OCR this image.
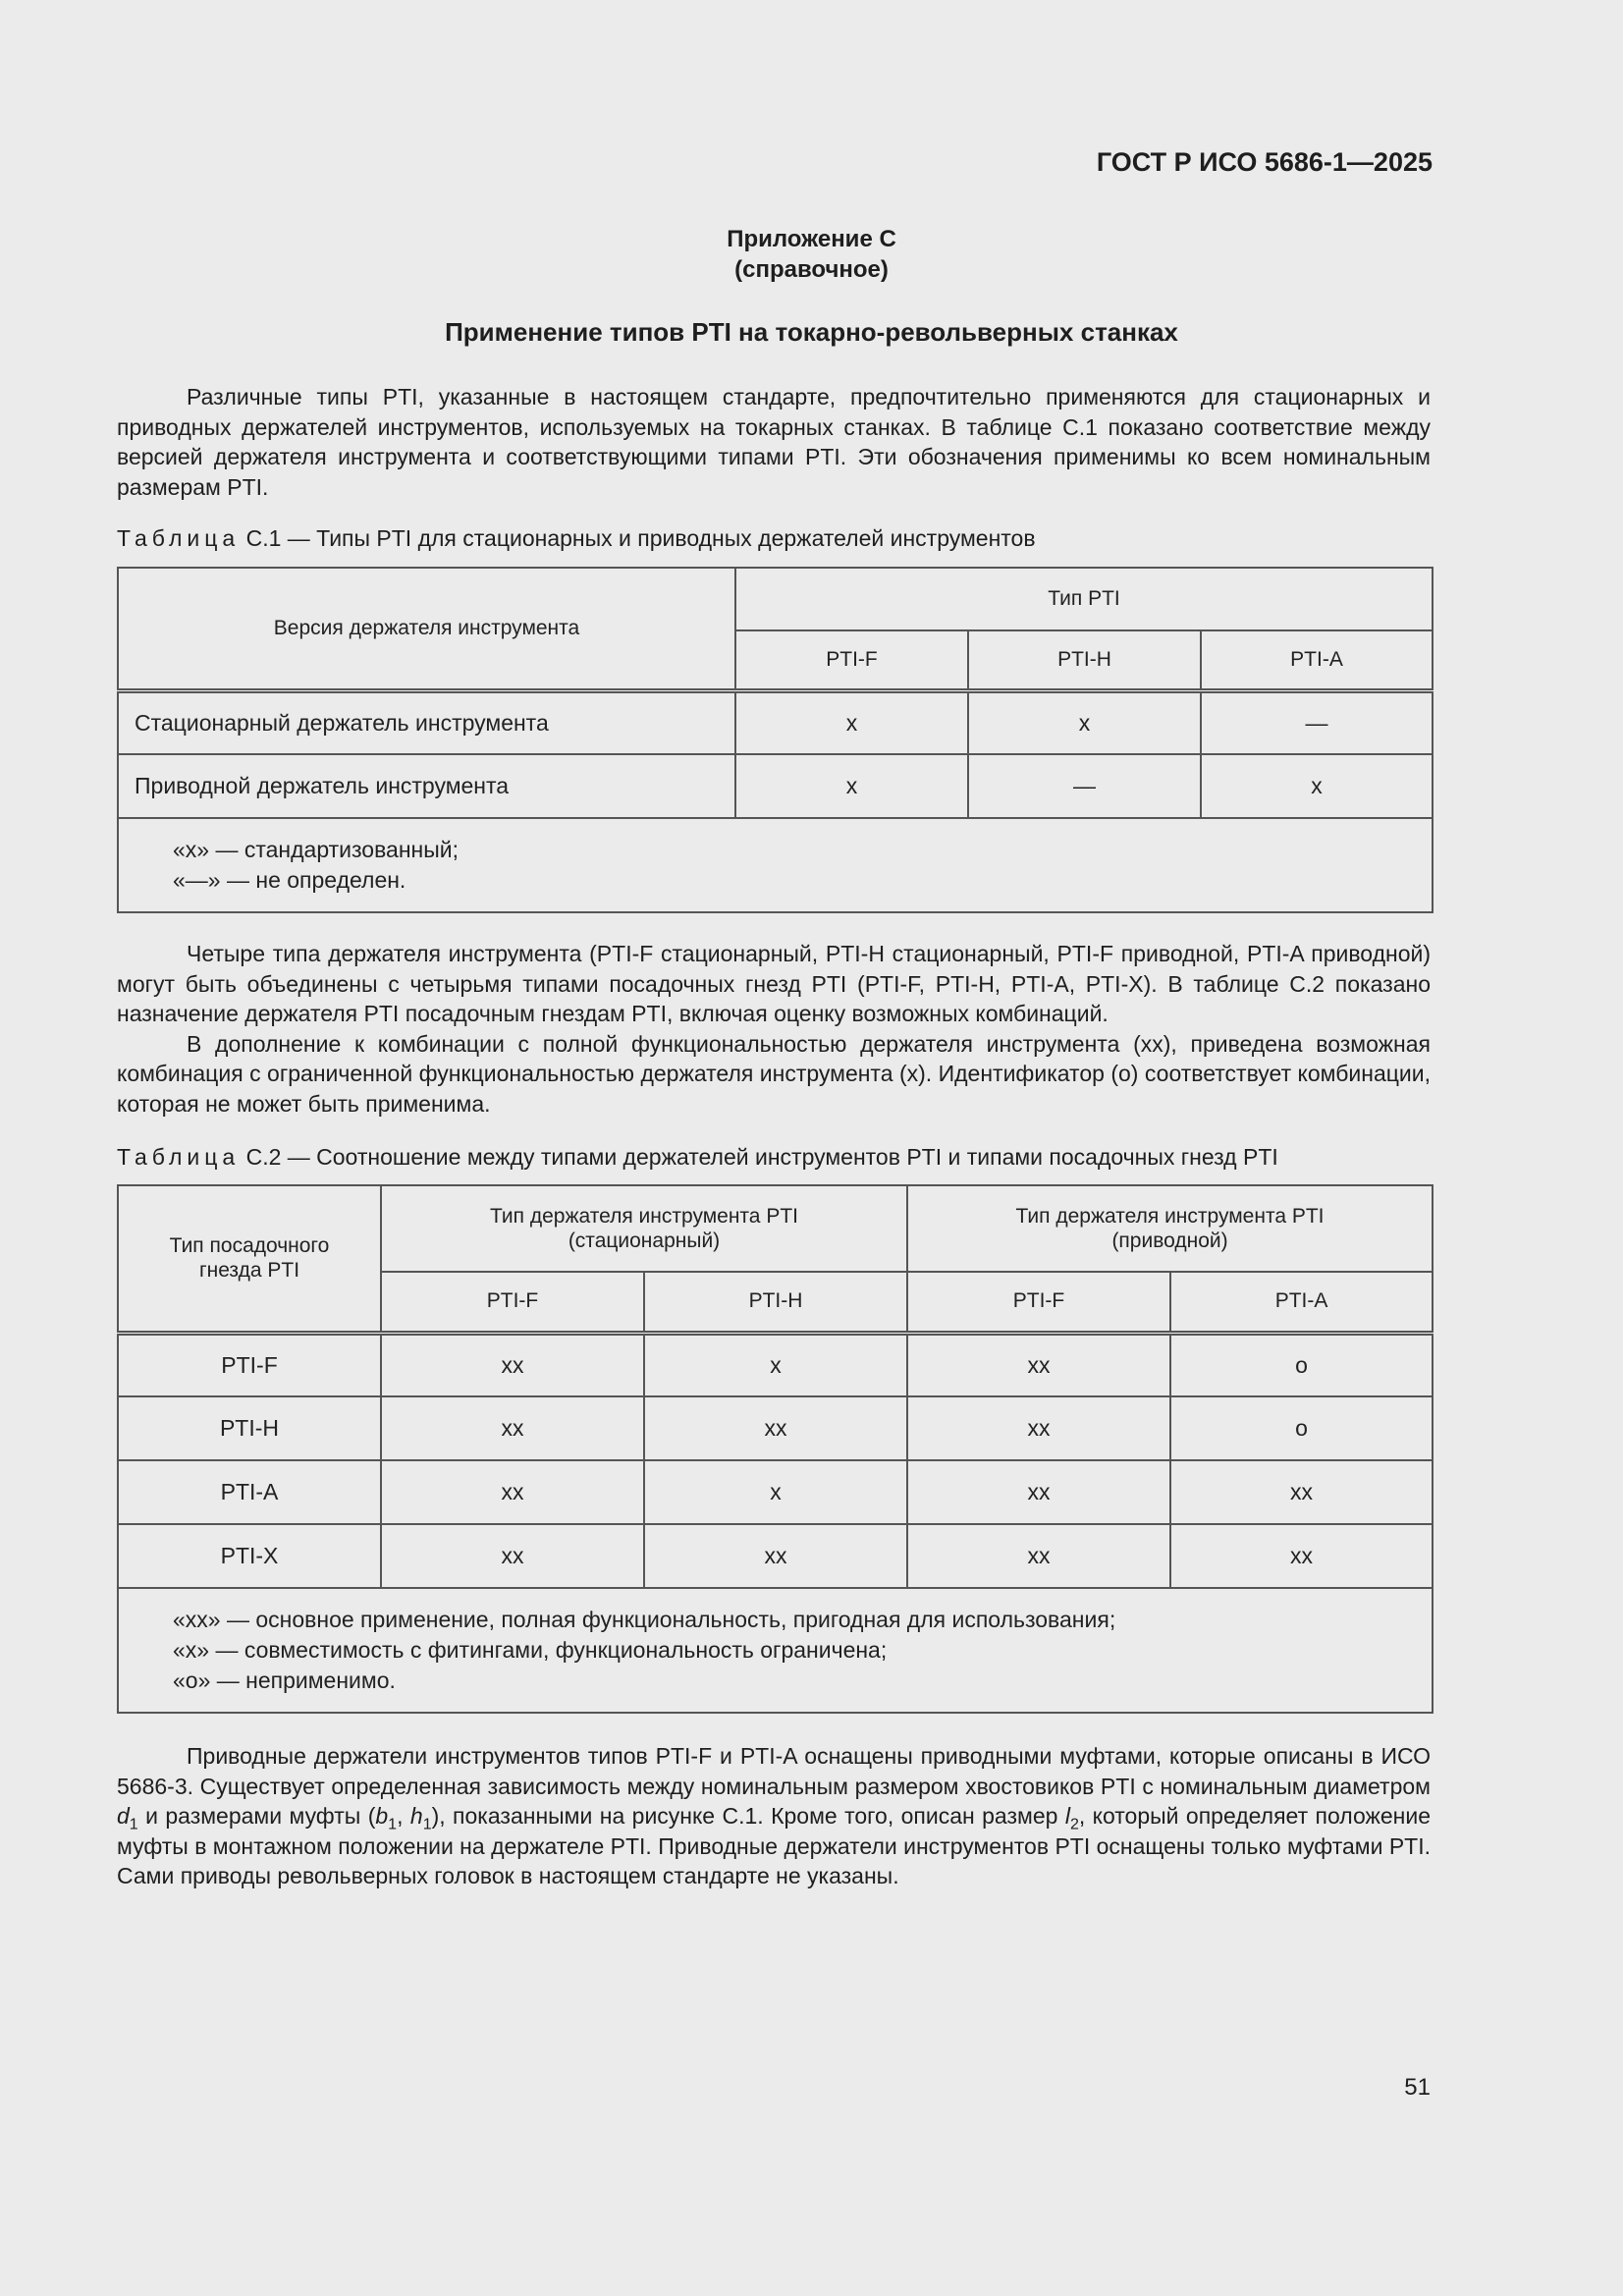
ГОСТ Р ИСО 5686-1—2025

Приложение С
(справочное)

Применение типов PTI на токарно-револьверных станках

Различные типы PTI, указанные в настоящем стандарте, предпочтительно применяются для стационарных и приводных держателей инструментов, используемых на токарных станках. В таблице С.1 показано соответствие между версией держателя инструмента и соответствующими типами PTI. Эти обозначения применимы ко всем номинальным размерам PTI.

Таблица С.1 — Типы PTI для стационарных и приводных держателей инструментов

Версия держателя инструмента	Тип PTI		
	PTI-F	PTI-H	PTI-A
Стационарный держатель инструмента	x	x	—
Приводной держатель инструмента	x	—	x

«x» — стандартизованный;
«—» — не определен.			

Четыре типа держателя инструмента (PTI-F стационарный, PTI-H стационарный, PTI-F приводной, PTI-A приводной) могут быть объединены с четырьмя типами посадочных гнезд PTI (PTI-F, PTI-H, PTI-A, PTI-X). В таблице С.2 показано назначение держателя PTI посадочным гнездам PTI, включая оценку возможных комбинаций.

В дополнение к комбинации с полной функциональностью держателя инструмента (xx), приведена возможная комбинация с ограниченной функциональностью держателя инструмента (x). Идентификатор (o) соответствует комбинации, которая не может быть применима.

Таблица С.2 — Соотношение между типами держателей инструментов PTI и типами посадочных гнезд PTI

Тип посадочного гнезда PTI	Тип держателя инструмента PTI (стационарный)		Тип держателя инструмента PTI (приводной)	
	PTI-F	PTI-H	PTI-F	PTI-A
PTI-F	xx	x	xx	o
PTI-H	xx	xx	xx	o
PTI-A	xx	x	xx	xx
PTI-X	xx	xx	xx	xx

«xx» — основное применение, полная функциональность, пригодная для использования;
«x» — совместимость с фитингами, функциональность ограничена;
«o» — неприменимо.				

Приводные держатели инструментов типов PTI-F и PTI-A оснащены приводными муфтами, которые описаны в ИСО 5686-3. Существует определенная зависимость между номинальным размером хвостовиков PTI с номинальным диаметром $d_1$ и размерами муфты ($b_1$, $h_1$), показанными на рисунке С.1. Кроме того, описан размер $l_2$, который определяет положение муфты в монтажном положении на держателе PTI. Приводные держатели инструментов PTI оснащены только муфтами PTI. Сами приводы револьверных головок в настоящем стандарте не указаны.

51
